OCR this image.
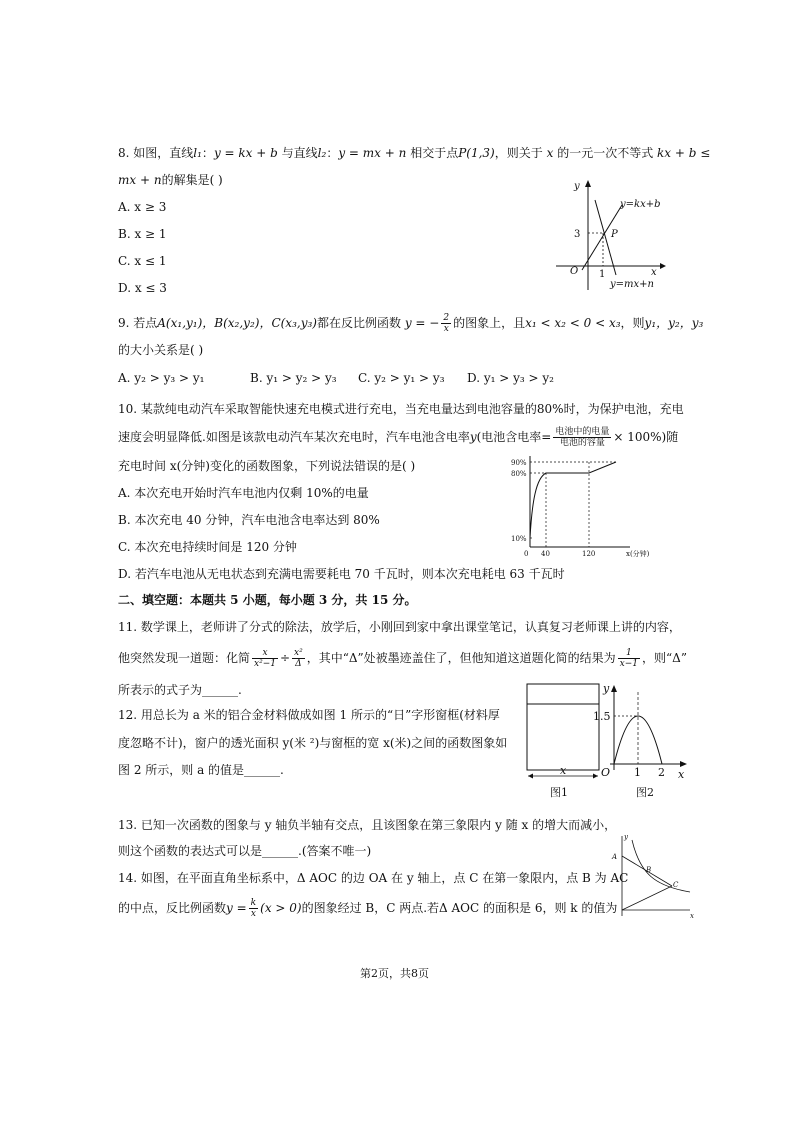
8. 如图，直线l₁：y = kx + b 与直线l₂：y = mx + n 相交于点P(1,3)，则关于 x 的一元一次不等式 kx + b ≤
mx + n的解集是( )
A. x ≥ 3
B. x ≥ 1
C. x ≤ 1
D. x ≤ 3
y
x
O
3
1
P
y=kx+b
y=mx+n
9. 若点A(x₁,y₁)，B(x₂,y₂)，C(x₃,y₃)都在反比例函数 y = − $\frac{2}{x}$ 的图象上，且x₁ < x₂ < 0 < x₃，则y₁，y₂，y₃
的大小关系是( )
A. y₂ > y₃ > y₁	B. y₁ > y₂ > y₃ C. y₂ > y₁ > y₃ D. y₁ > y₃ > y₂
10. 某款纯电动汽车采取智能快速充电模式进行充电，当充电量达到电池容量的80%时，为保护电池，充电
速度会明显降低.如图是该款电动汽车某次充电时，汽车电池含电率y(电池含电率= $\frac{\text{电池中的电量}}{\text{电池的容量}} \times 100\%$)随
充电时间 x(分钟)变化的函数图象，下列说法错误的是( )
A. 本次充电开始时汽车电池内仅剩 10%的电量
B. 本次充电 40 分钟，汽车电池含电率达到 80%
C. 本次充电持续时间是 120 分钟
D. 若汽车电池从无电状态到充满电需要耗电 70 千瓦时，则本次充电耗电 63 千瓦时
90%
80%
10%
0 40	120	x(分钟)
二、填空题：本题共 5 小题，每小题 3 分，共 15 分。
11. 数学课上，老师讲了分式的除法，放学后，小刚回到家中拿出课堂笔记，认真复习老师课上讲的内容，
他突然发现一道题：化简 $\frac{x}{\text{x²−1}} \div \frac{\text{x²}}{\Delta}$ ，其中“Δ”处被墨迹盖住了，但他知道这道题化简的结果为 $\frac{1}{x-1}$ ，则“Δ”
所表示的式子为______.
12. 用总长为 a 米的铝合金材料做成如图 1 所示的“日”字形窗框(材料厚
度忽略不计)，窗户的透光面积 y(米 ²)与窗框的宽 x(米)之间的函数图象如
图 2 所示，则 a 的值是______.	x
图1
y
x
O
1.5
1 2
图2
13. 已知一次函数的图象与 y 轴负半轴有交点，且该图象在第三象限内 y 随 x 的增大而减小，
则这个函数的表达式可以是______.(答案不唯一)
14. 如图，在平面直角坐标系中，Δ AOC 的边 OA 在 y 轴上，点 C 在第一象限内，点 B 为 AC
的中点，反比例函数$y = \frac{k}{x} (x > 0)$的图象经过 B，C 两点.若Δ AOC 的面积是 6，则 k 的值为
A
B
C
y
x
第2页，共8页
